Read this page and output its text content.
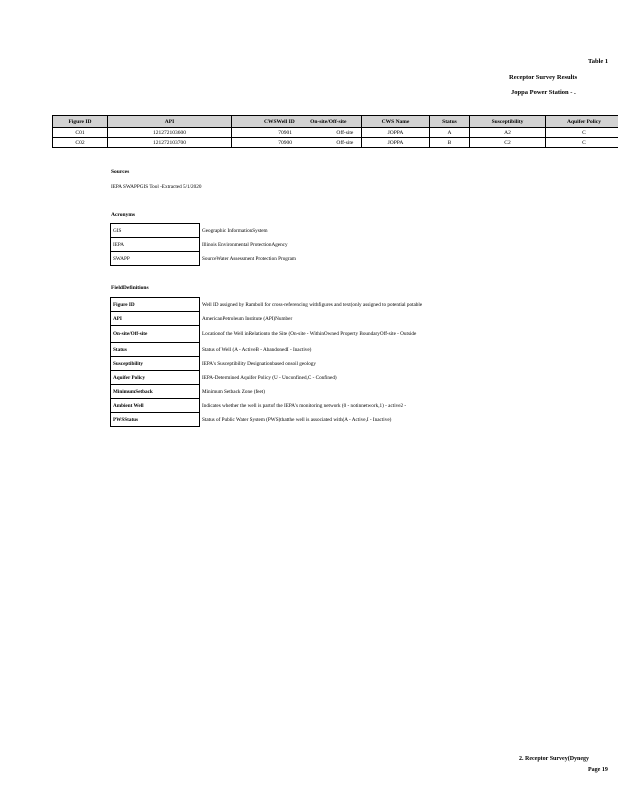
Table 1
Receptor Survey Results
Joppa Power Station - .
Figure ID	API	CWSWell ID On-site/Off-site		CWS Name	Status	Susceptibility	Aquifer Policy
C01	121272103600	70901 Off-site		JOPPA	A	A2	C
C02	121272103700	70900 Off-site		JOPPA	B	C2	C
Sources
IEPA SWAPPGIS Tool -Extracted 5/1/2020
Acronyms
GIS	Geographic InformationSystem
IEPA	Illinois Environmental ProtectionAgency
SWAPP	SourceWater Assessment Protection Program
FieldDefinitions
Figure ID	Well ID assigned by Ramboll for cross-referencing withfigures and text(only assigned to potential potable
API	AmericanPetroleum Institute (API)Number
On-site/Off-site	Locationof the Well inRelationto the Site (On-site - WithinOwned Property BoundaryOff-site - Outside
Status	Status of Well (A - ActiveB - AbandonedI - Inactive)
Susceptibility	IEPA's Susceptibility Designationbased onsoil geology
Aquifer Policy	IEPA-Determined Aquifer Policy (U - Unconfined,C - Confined)
MinimumSetback	Minimum Setback Zone (feet)
Ambient Well	Indicates whether the well is partof the IEPA's monitoring network (0 - notinnetwork,1) - active2 -
PWSStatus	Status of Public Water System (PWS)thatthe well is associated with(A - Active,I - Inactive)
2. Receptor Survey(Dynegy
Page 19
